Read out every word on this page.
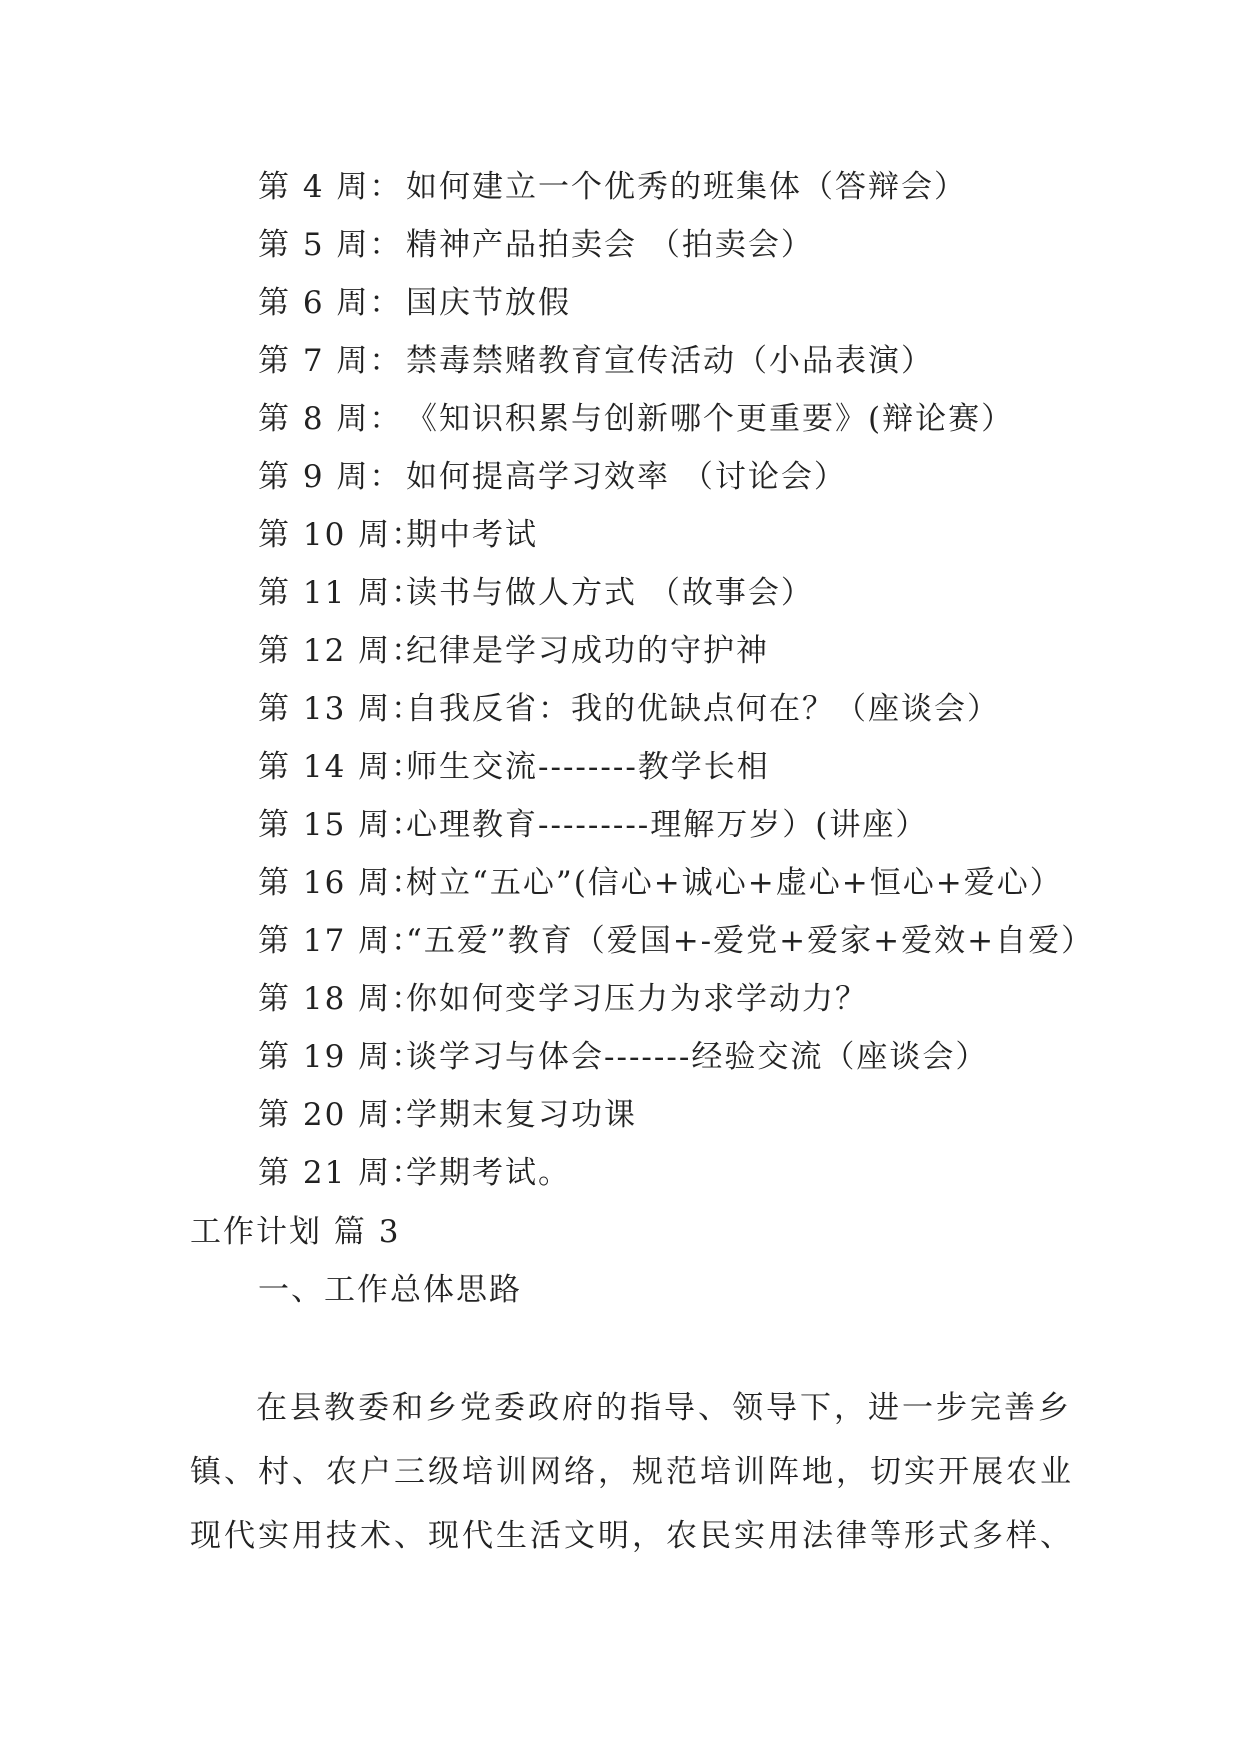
第 4 周： 如何建立一个优秀的班集体（答辩会）
第 5 周： 精神产品拍卖会 （拍卖会）
第 6 周： 国庆节放假
第 7 周： 禁毒禁赌教育宣传活动（小品表演）
第 8 周： 《知识积累与创新哪个更重要》(辩论赛）
第 9 周： 如何提高学习效率 （讨论会）
第 10 周：期中考试
第 11 周：读书与做人方式 （故事会）
第 12 周：纪律是学习成功的守护神
第 13 周：自我反省：我的优缺点何在？（座谈会）
第 14 周：师生交流--------教学长相
第 15 周：心理教育---------理解万岁）(讲座）
第 16 周：树立“五心”(信心+诚心+虚心+恒心+爱心）
第 17 周：“五爱”教育（爱国+-爱党+爱家+爱效+自爱）
第 18 周：你如何变学习压力为求学动力？
第 19 周：谈学习与体会-------经验交流（座谈会）
第 20 周：学期末复习功课
第 21 周：学期考试。
工作计划 篇 3
一、工作总体思路
在县教委和乡党委政府的指导、领导下，进一步完善乡
镇、村、农户三级培训网络，规范培训阵地，切实开展农业
现代实用技术、现代生活文明，农民实用法律等形式多样、
